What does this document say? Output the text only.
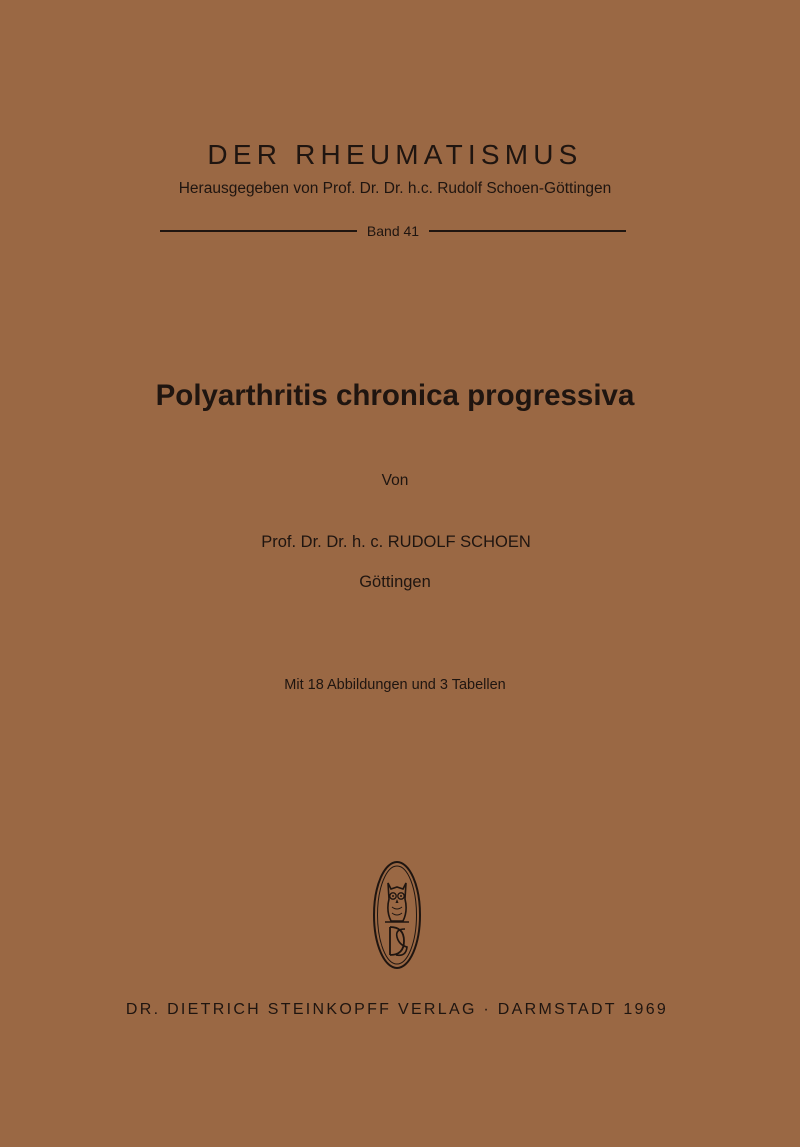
DER RHEUMATISMUS
Herausgegeben von Prof. Dr. Dr. h.c. Rudolf Schoen-Göttingen
Band 41
Polyarthritis chronica progressiva
Von
Prof. Dr. Dr. h. c. RUDOLF SCHOEN
Göttingen
Mit 18 Abbildungen und 3 Tabellen
DR. DIETRICH STEINKOPFF VERLAG · DARMSTADT 1969
